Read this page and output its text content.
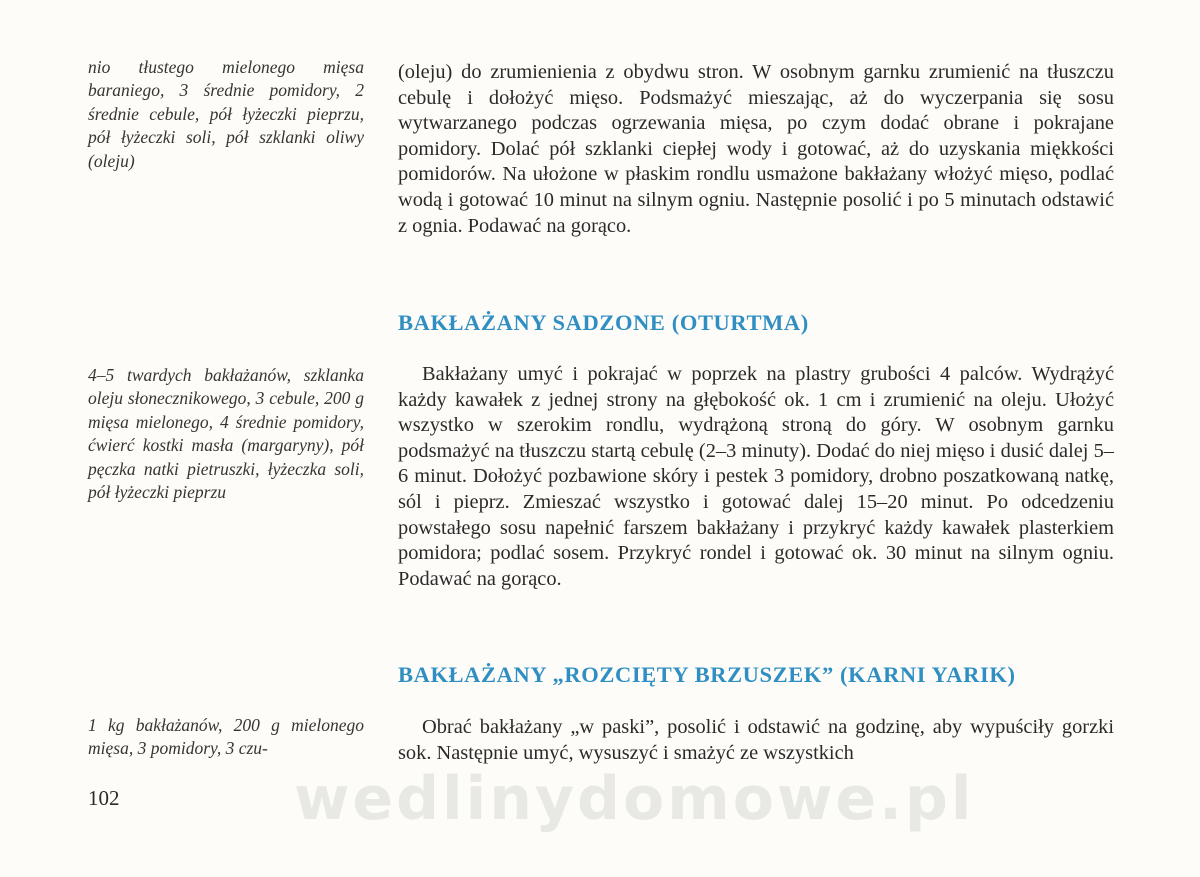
nio tłustego mielonego mięsa baraniego, 3 średnie pomidory, 2 średnie cebule, pół łyżeczki pieprzu, pół łyżeczki soli, pół szklanki oliwy (oleju)

(oleju) do zrumienienia z obydwu stron. W osobnym garnku zrumienić na tłuszczu cebulę i dołożyć mięso. Podsmażyć mieszając, aż do wyczerpania się sosu wytwarzanego podczas ogrzewania mięsa, po czym dodać obrane i pokrajane pomidory. Dolać pół szklanki ciepłej wody i gotować, aż do uzyskania miękkości pomidorów. Na ułożone w płaskim rondlu usmażone bakłażany włożyć mięso, podlać wodą i gotować 10 minut na silnym ogniu. Następnie posolić i po 5 minutach odstawić z ognia. Podawać na gorąco.

BAKŁAŻANY SADZONE (OTURTMA)
4–5 twardych bakłażanów, szklanka oleju słonecznikowego, 3 cebule, 200 g mięsa mielonego, 4 średnie pomidory, ćwierć kostki masła (margaryny), pół pęczka natki pietruszki, łyżeczka soli, pół łyżeczki pieprzu

Bakłażany umyć i pokrajać w poprzek na plastry grubości 4 palców. Wydrążyć każdy kawałek z jednej strony na głębokość ok. 1 cm i zrumienić na oleju. Ułożyć wszystko w szerokim rondlu, wydrążoną stroną do góry. W osobnym garnku podsmażyć na tłuszczu startą cebulę (2–3 minuty). Dodać do niej mięso i dusić dalej 5–6 minut. Dołożyć pozbawione skóry i pestek 3 pomidory, drobno poszatkowaną natkę, sól i pieprz. Zmieszać wszystko i gotować dalej 15–20 minut. Po odcedzeniu powstałego sosu napełnić farszem bakłażany i przykryć każdy kawałek plasterkiem pomidora; podlać sosem. Przykryć rondel i gotować ok. 30 minut na silnym ogniu. Podawać na gorąco.

BAKŁAŻANY „ROZCIĘTY BRZUSZEK” (KARNI YARIK)
1 kg bakłażanów, 200 g mielonego mięsa, 3 pomidory, 3 czu-

Obrać bakłażany „w paski”, posolić i odstawić na godzinę, aby wypuściły gorzki sok. Następnie umyć, wysuszyć i smażyć ze wszystkich

102	wedlinydomowe.pl
